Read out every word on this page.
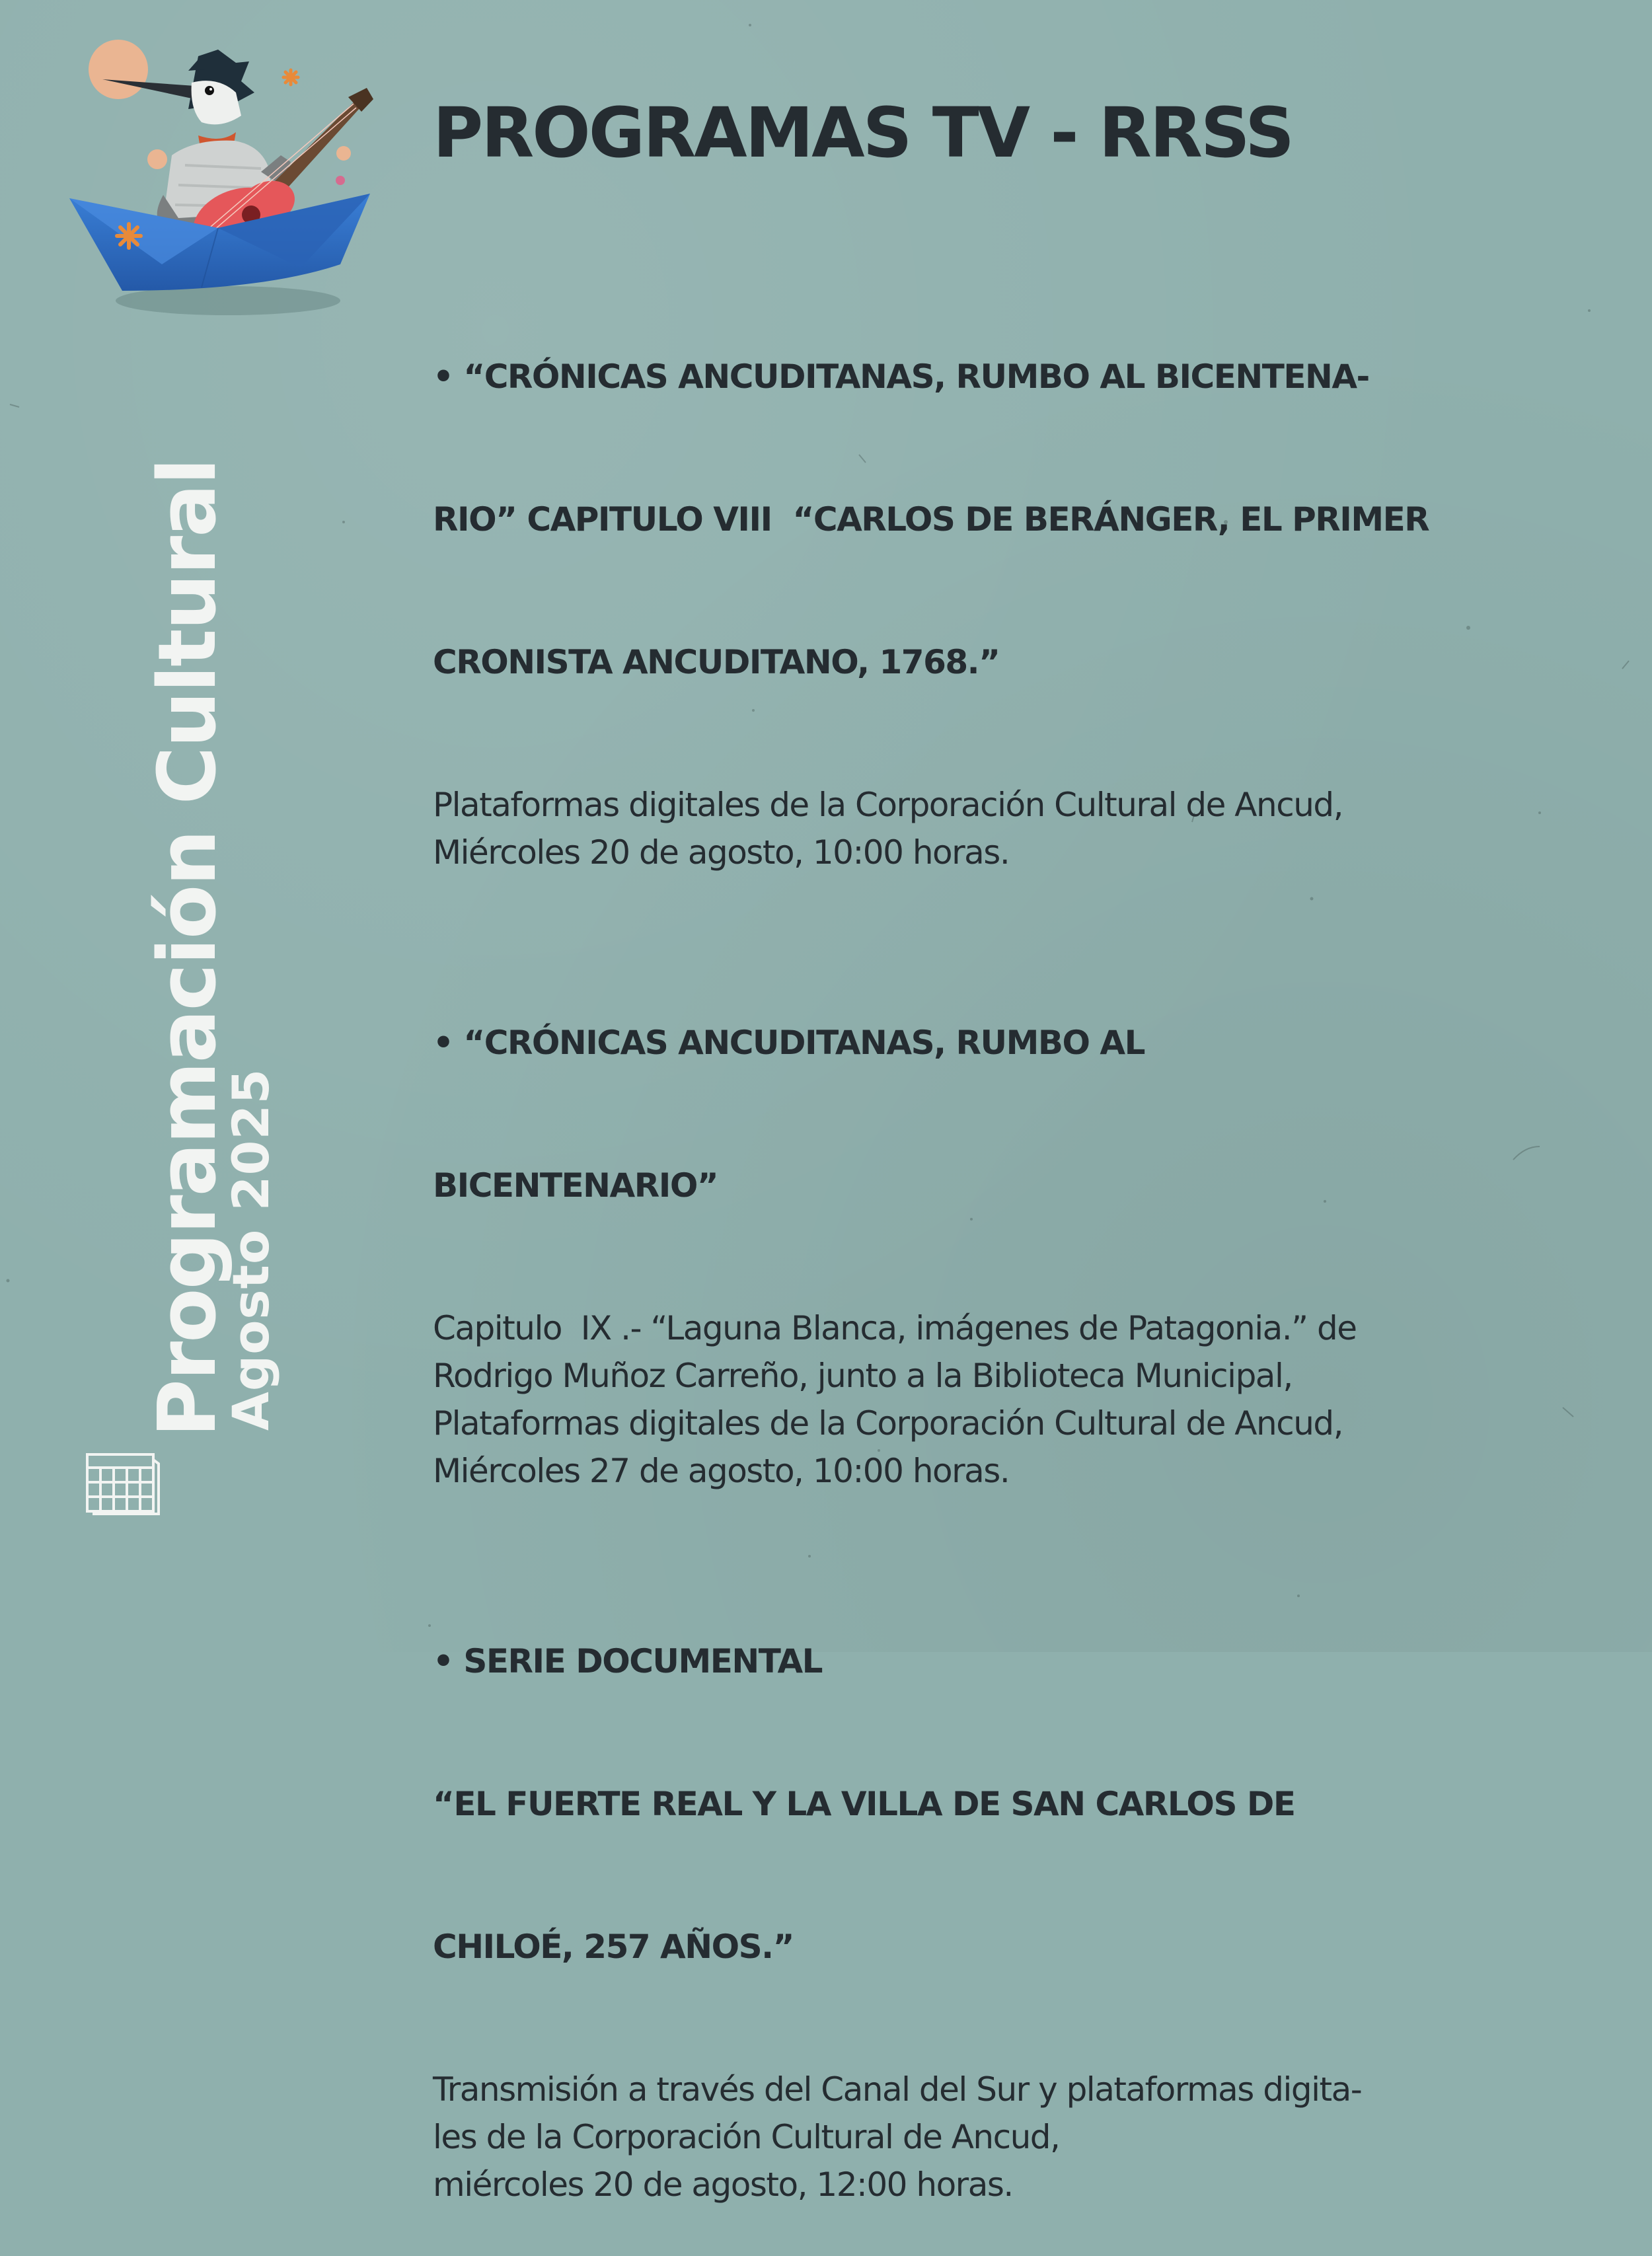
PROGRAMAS TV - RRSS

• “CRÓNICAS ANCUDITANAS, RUMBO AL BICENTENA-

RIO” CAPITULO VIII  “CARLOS DE BERÁNGER, EL PRIMER

CRONISTA ANCUDITANO, 1768.”

Plataformas digitales de la Corporación Cultural de Ancud,
Miércoles 20 de agosto, 10:00 horas.

• “CRÓNICAS ANCUDITANAS, RUMBO AL

BICENTENARIO”

Capitulo  IX .- “Laguna Blanca, imágenes de Patagonia.” de
Rodrigo Muñoz Carreño, junto a la Biblioteca Municipal,
Plataformas digitales de la Corporación Cultural de Ancud,
Miércoles 27 de agosto, 10:00 horas.

• SERIE DOCUMENTAL

“EL FUERTE REAL Y LA VILLA DE SAN CARLOS DE

CHILOÉ, 257 AÑOS.”

Transmisión a través del Canal del Sur y plataformas digita-
les de la Corporación Cultural de Ancud,
miércoles 20 de agosto, 12:00 horas.
Programación Cultural
Agosto 2025
